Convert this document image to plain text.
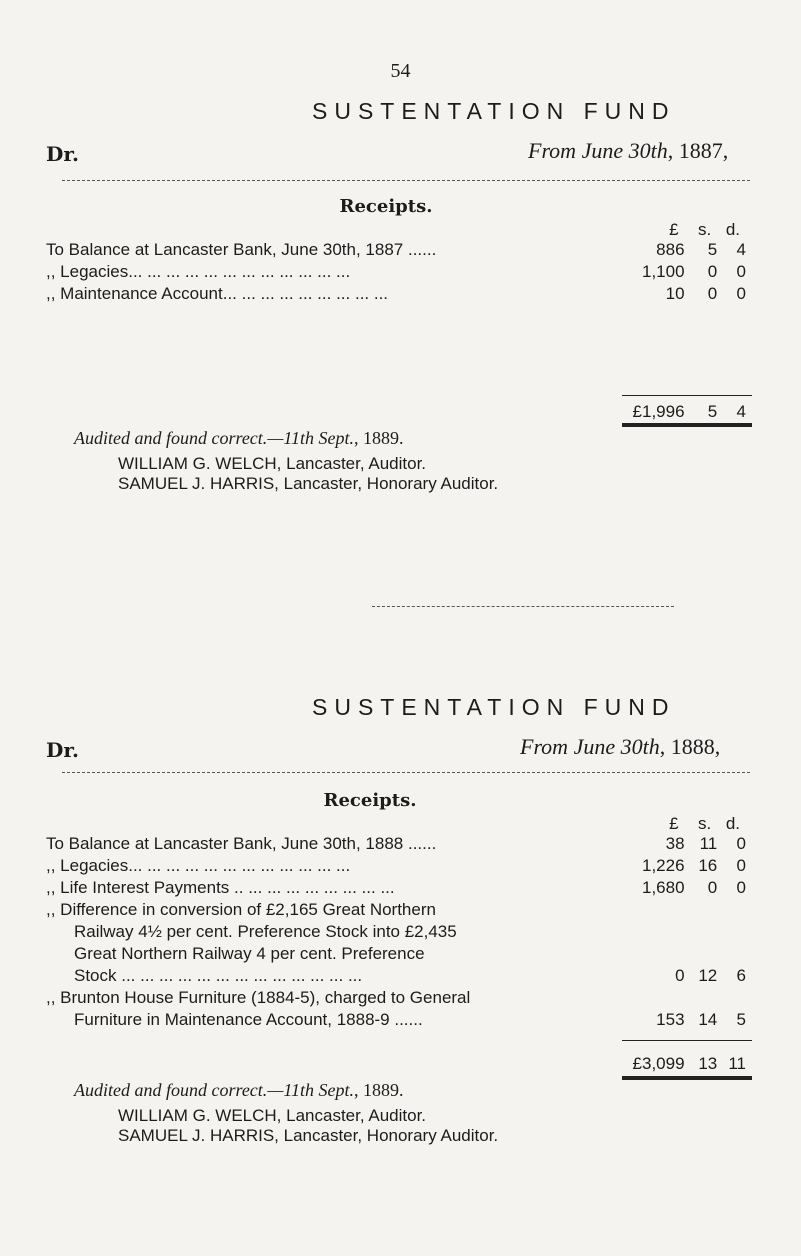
54
SUSTENTATION FUND
Dr.	From June 30th, 1887,
Receipts.
£ s. d.
To Balance at Lancaster Bank, June 30th, 1887 ......	886 5 4
,, Legacies... ... ... ... ... ... ... ... ... ... ... ...	1,100 0 0
,, Maintenance Account... ... ... ... ... ... ... ... ...	10 0 0
£1,996 5 4
Audited and found correct.—11th Sept., 1889.
WILLIAM G. WELCH, Lancaster, Auditor.
SAMUEL J. HARRIS, Lancaster, Honorary Auditor.
SUSTENTATION FUND
Dr.	From June 30th, 1888,
Receipts.
£ s. d.
To Balance at Lancaster Bank, June 30th, 1888 ......	38 11 0
,, Legacies... ... ... ... ... ... ... ... ... ... ... ...	1,226 16 0
,, Life Interest Payments .. ... ... ... ... ... ... ... ...	1,680 0 0
,, Difference in conversion of £2,165 Great Northern
Railway 4½ per cent. Preference Stock into £2,435
Great Northern Railway 4 per cent. Preference
Stock ... ... ... ... ... ... ... ... ... ... ... ... ...	0 12 6
,, Brunton House Furniture (1884-5), charged to General
Furniture in Maintenance Account, 1888-9 ......	153 14 5
£3,099 13 11
Audited and found correct.—11th Sept., 1889.
WILLIAM G. WELCH, Lancaster, Auditor.
SAMUEL J. HARRIS, Lancaster, Honorary Auditor.
